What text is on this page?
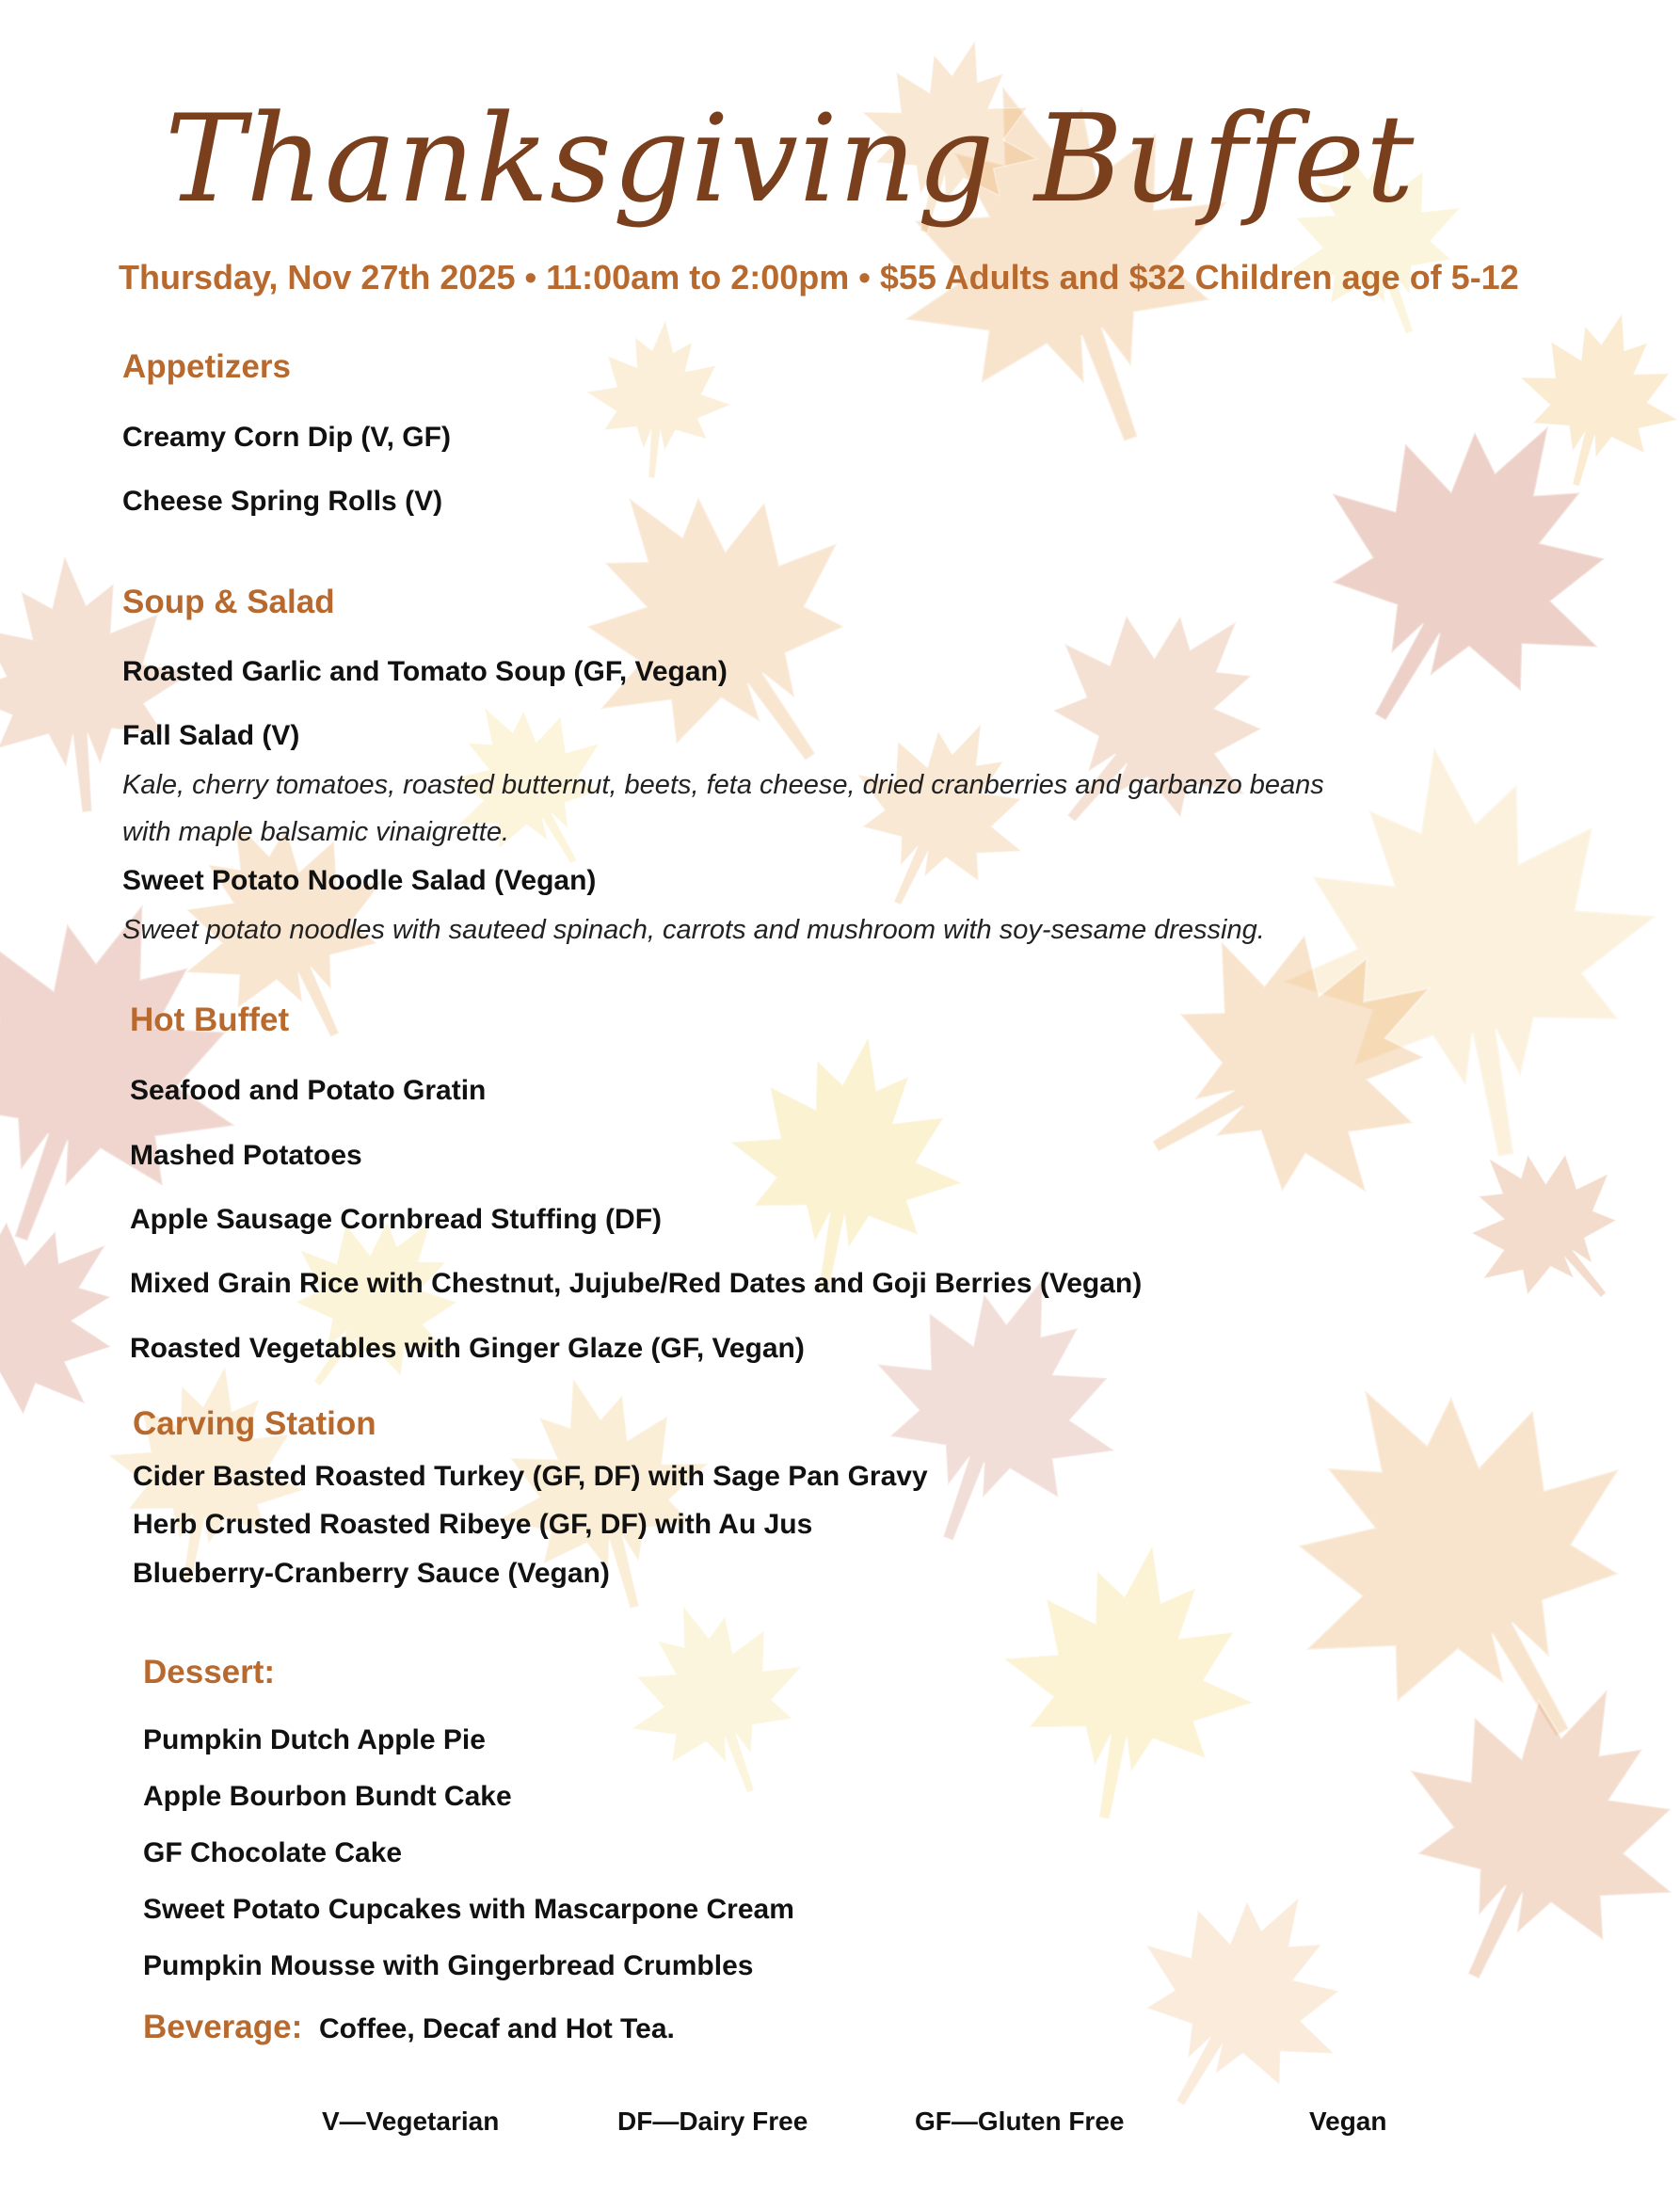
Thanksgiving Buffet
Thursday, Nov 27th 2025 • 11:00am to 2:00pm • $55 Adults and $32 Children age of 5-12
Appetizers
Creamy Corn Dip (V, GF)
Cheese Spring Rolls (V)
Soup & Salad
Roasted Garlic and Tomato Soup (GF, Vegan)
Fall Salad (V)
Kale, cherry tomatoes, roasted butternut, beets, feta cheese, dried cranberries and garbanzo beans
with maple balsamic vinaigrette.
Sweet Potato Noodle Salad (Vegan)
Sweet potato noodles with sauteed spinach, carrots and mushroom with soy-sesame dressing.
Hot Buffet
Seafood and Potato Gratin
Mashed Potatoes
Apple Sausage Cornbread Stuffing (DF)
Mixed Grain Rice with Chestnut, Jujube/Red Dates and Goji Berries (Vegan)
Roasted Vegetables with Ginger Glaze (GF, Vegan)
Carving Station
Cider Basted Roasted Turkey (GF, DF) with Sage Pan Gravy
Herb Crusted Roasted Ribeye (GF, DF) with Au Jus
Blueberry-Cranberry Sauce (Vegan)
Dessert:
Pumpkin Dutch Apple Pie
Apple Bourbon Bundt Cake
GF Chocolate Cake
Sweet Potato Cupcakes with Mascarpone Cream
Pumpkin Mousse with Gingerbread Crumbles
Beverage: Coffee, Decaf and Hot Tea.
V—Vegetarian	DF—Dairy Free	GF—Gluten Free	Vegan
